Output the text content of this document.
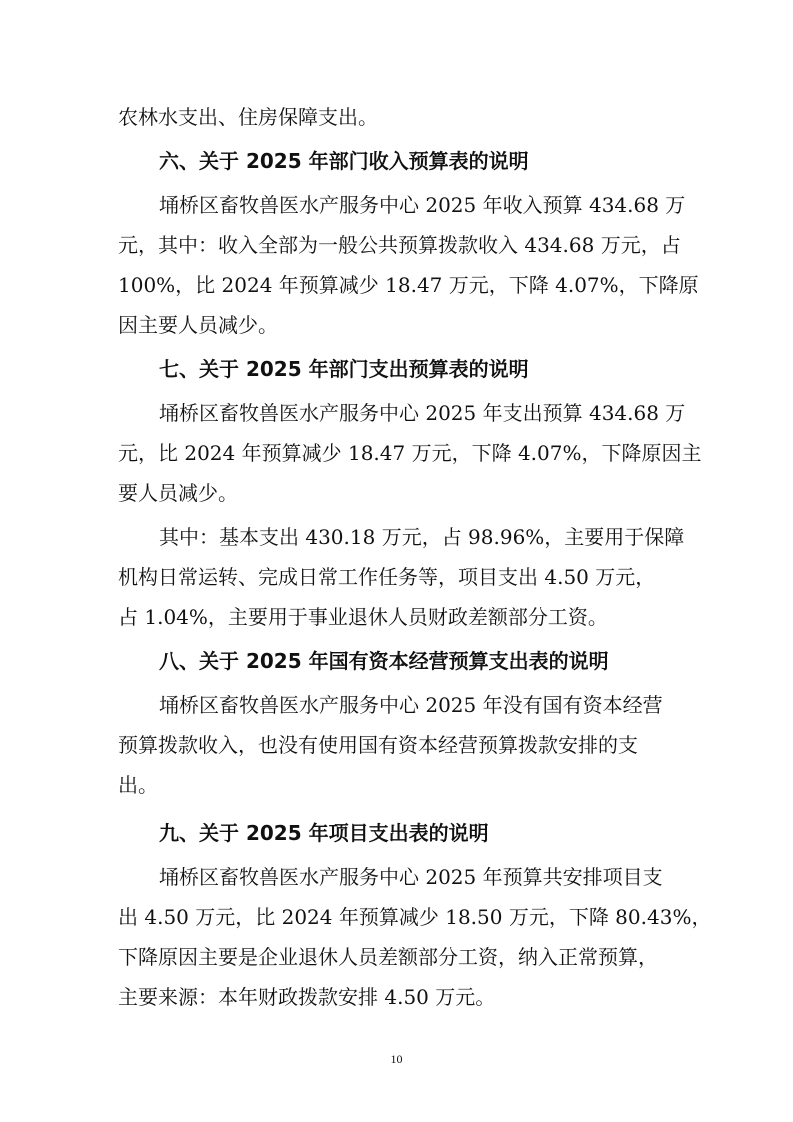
农林水支出、住房保障支出。
六、关于 2025 年部门收入预算表的说明
埇桥区畜牧兽医水产服务中心 2025 年收入预算 434.68 万
元，其中：收入全部为一般公共预算拨款收入 434.68 万元，占
100%，比 2024 年预算减少 18.47 万元，下降 4.07%，下降原
因主要人员减少。
七、关于 2025 年部门支出预算表的说明
埇桥区畜牧兽医水产服务中心 2025 年支出预算 434.68 万
元，比 2024 年预算减少 18.47 万元，下降 4.07%，下降原因主
要人员减少。
其中：基本支出 430.18 万元，占 98.96%，主要用于保障
机构日常运转、完成日常工作任务等，项目支出 4.50 万元，
占 1.04%，主要用于事业退休人员财政差额部分工资。
八、关于 2025 年国有资本经营预算支出表的说明
埇桥区畜牧兽医水产服务中心 2025 年没有国有资本经营
预算拨款收入，也没有使用国有资本经营预算拨款安排的支
出。
九、关于 2025 年项目支出表的说明
埇桥区畜牧兽医水产服务中心 2025 年预算共安排项目支
出 4.50 万元，比 2024 年预算减少 18.50 万元，下降 80.43%，
下降原因主要是企业退休人员差额部分工资，纳入正常预算，
主要来源：本年财政拨款安排 4.50 万元。
10
